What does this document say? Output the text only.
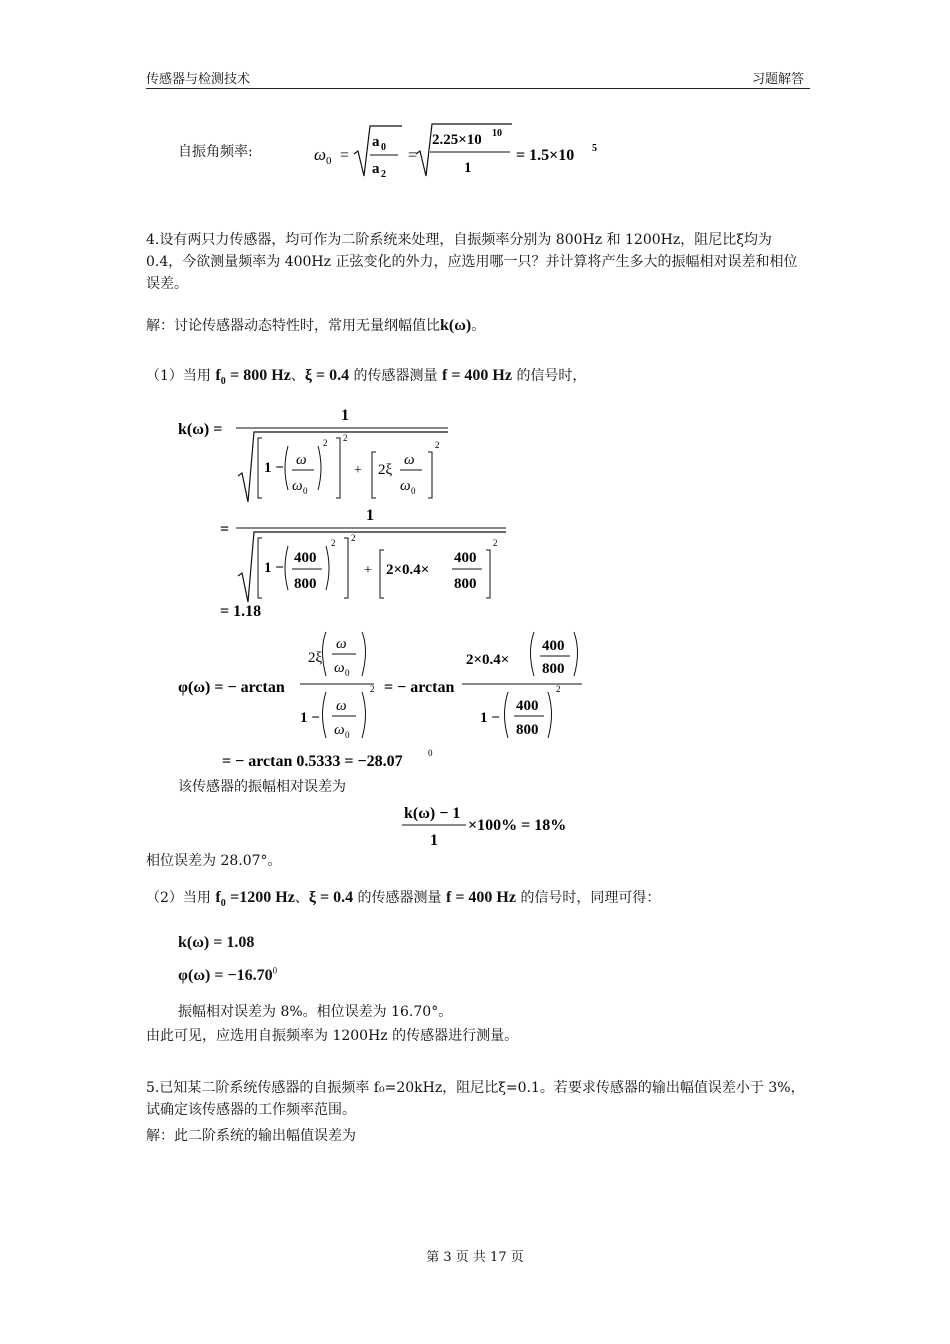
传感器与检测技术	习题解答
自振角频率:	ω 0 =
a 0
a 2
=
2.25×10 10
1
= 1.5×10 5
4.设有两只力传感器，均可作为二阶系统来处理，自振频率分别为 800Hz 和 1200Hz，阻尼比ξ均为 0.4，今欲测量频率为 400Hz 正弦变化的外力，应选用哪一只？并计算将产生多大的振幅相对误差和相位误差。
解：讨论传感器动态特性时，常用无量纲幅值比k(ω)。
（1）当用 $f_0 = 800$ Hz、ξ = 0.4 的传感器测量 f = 400 Hz 的信号时，
k(ω) =
1
1 − ω
ω 0
2 2
+ 2ξ
ω
ω 0
2
=
1
1 −
400
800
2 2
+ 2×0.4×
400
800
2
= 1.18
φ(ω) = − arctan
2ξ
ω
ω 0
1 −
ω
ω 0
2 = − arctan
2×0.4×
400
800
1 −
400
800
2
= − arctan 0.5333 = −28.07	0
该传感器的振幅相对误差为
k(ω) − 1
1
×100% = 18%
相位误差为 28.07°。
（2）当用 $f_0 =1200$ Hz、ξ = 0.4 的传感器测量 f = 400 Hz 的信号时，同理可得：
k(ω) = 1.08
$\varphi(\omega) = -16.70^0$
振幅相对误差为 8%。相位误差为 16.70°。
由此可见，应选用自振频率为 1200Hz 的传感器进行测量。
5.已知某二阶系统传感器的自振频率 f₀=20kHz，阻尼比ξ=0.1。若要求传感器的输出幅值误差小于 3%，试确定该传感器的工作频率范围。
解：此二阶系统的输出幅值误差为
第 3 页 共 17 页
